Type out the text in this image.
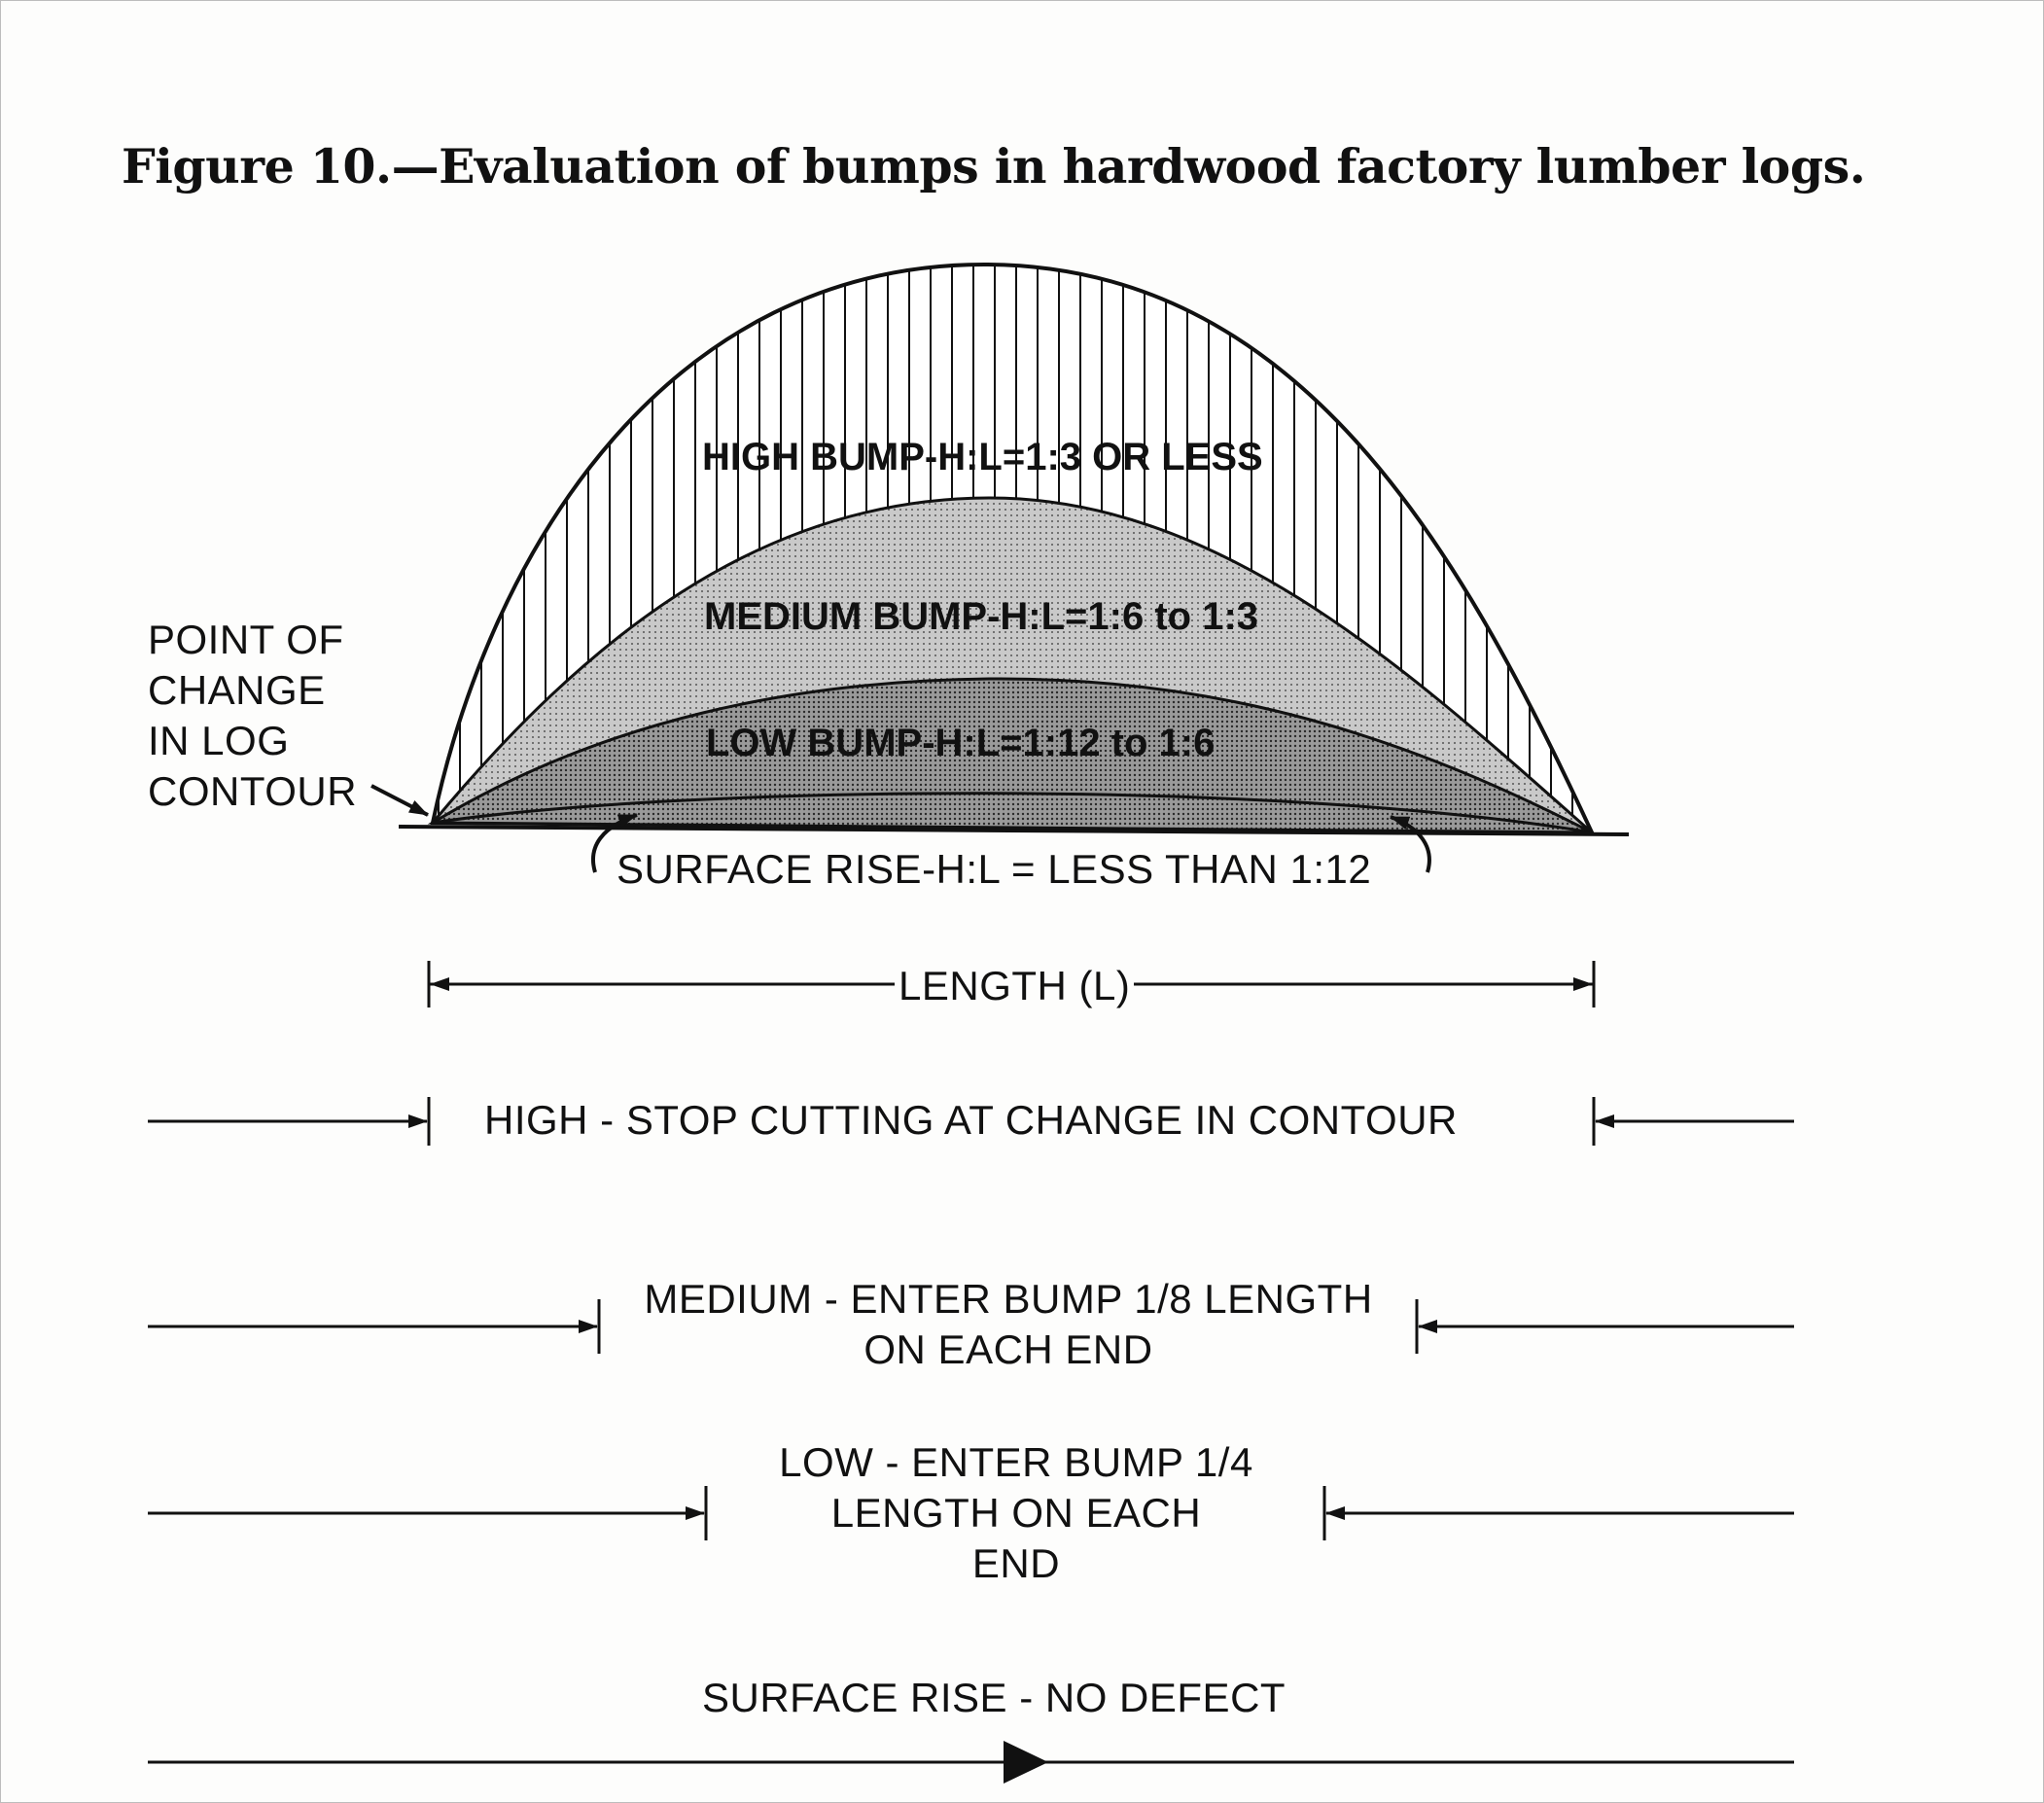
Figure 10.—Evaluation of bumps in hardwood factory lumber logs.
HIGH BUMP-H:L=1:3 OR LESS
MEDIUM BUMP-H:L=1:6 to 1:3
LOW BUMP-H:L=1:12 to 1:6
POINT OF
CHANGE
IN LOG
CONTOUR
SURFACE RISE-H:L = LESS THAN 1:12
LENGTH (L)
HIGH - STOP CUTTING AT CHANGE IN CONTOUR
MEDIUM - ENTER BUMP 1/8 LENGTH
ON EACH END
LOW - ENTER BUMP 1/4
LENGTH ON EACH
END
SURFACE RISE - NO DEFECT
